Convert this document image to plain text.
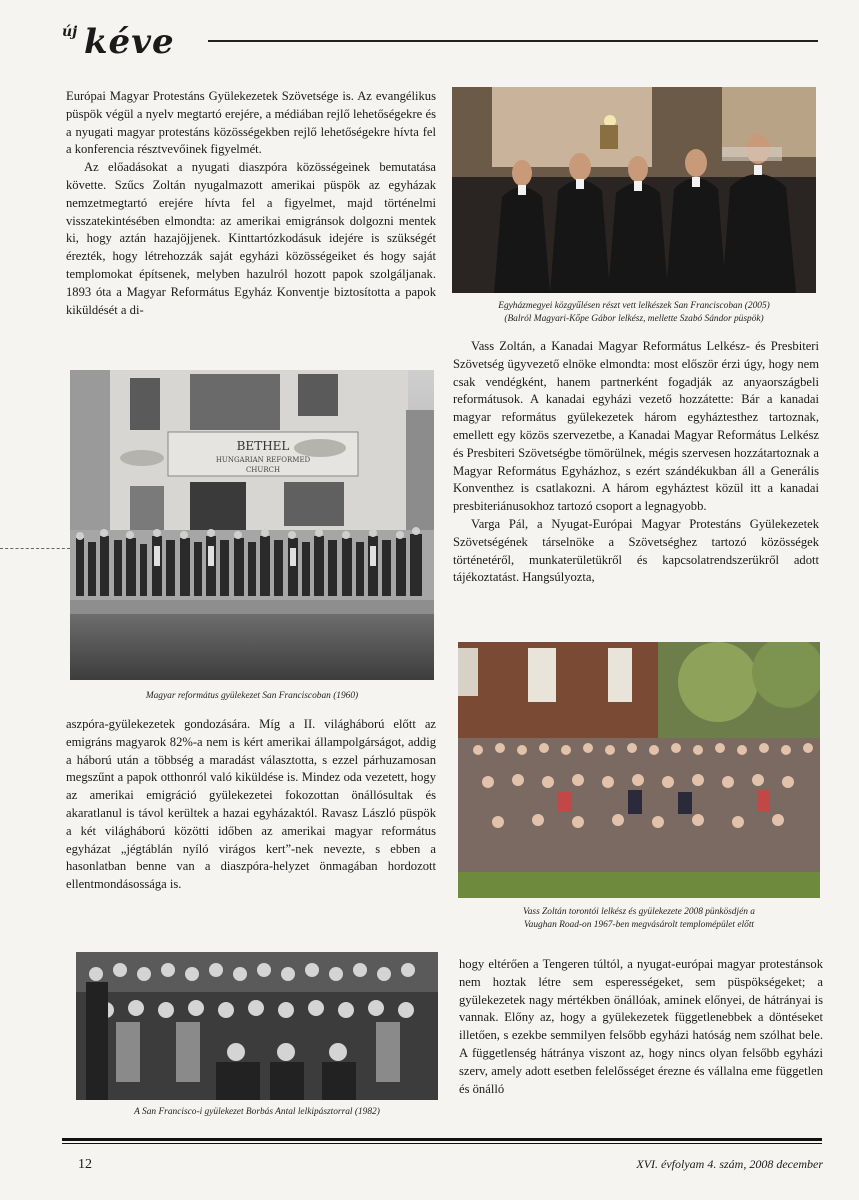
új kéve

Európai Magyar Protestáns Gyülekezetek Szövetsége is. Az evangélikus püspök végül a nyelv megtartó erejére, a médiában rejlő lehetőségekre és a nyugati magyar protestáns közösségekben rejlő lehetőségekre hívta fel a konferencia résztvevőinek figyelmét.

Az előadásokat a nyugati diaszpóra közösségeinek bemutatása követte. Szűcs Zoltán nyugalmazott amerikai püspök az egyházak nemzetmegtartó erejére hívta fel a figyelmet, majd történelmi visszatekintésében elmondta: az amerikai emigránsok dolgozni mentek ki, hogy aztán hazajöjjenek. Kinttartózkodásuk idejére is szükségét érezték, hogy létrehozzák saját egyházi közösségeiket és hogy saját templomokat építsenek, melyben hazulról hozott papok szolgáljanak. 1893 óta a Magyar Református Egyház Konventje biztosította a papok kiküldését a di-

BETHEL
HUNGARIAN REFORMED
CHURCH
Magyar református gyülekezet San Franciscoban (1960)

aszpóra-gyülekezetek gondozására. Míg a II. világháború előtt az emigráns magyarok 82%-a nem is kért amerikai állampolgárságot, addig a háború után a többség a maradást választotta, s ezzel párhuzamosan megszűnt a papok otthonról való kiküldése is. Mindez oda vezetett, hogy az amerikai emigráció gyülekezetei fokozottan önállósultak és akaratlanul is távol kerültek a hazai egyházaktól. Ravasz László püspök a két világháború közötti időben az amerikai magyar református egyházat „jégtáblán nyíló virágos kert”-nek nevezte, s ebben a hasonlatban benne van a diaszpóra-helyzet önmagában hordozott ellentmondásossága is.

A San Francisco-i gyülekezet Borbás Antal lelkipásztorral (1982)
Egyházmegyei közgyűlésen részt vett lelkészek San Franciscoban (2005)
(Balról Magyari-Kőpe Gábor lelkész, mellette Szabó Sándor püspök)

Vass Zoltán, a Kanadai Magyar Református Lelkész- és Presbiteri Szövetség ügyvezető elnöke elmondta: most először érzi úgy, hogy nem csak vendégként, hanem partnerként fogadják az anyaországbeli reformátusok. A kanadai egyházi vezető hozzátette: Bár a kanadai magyar református gyülekezetek három egyháztesthez tartoznak, emellett egy közös szervezetbe, a Kanadai Magyar Református Lelkész és Presbiteri Szövetségbe tömörülnek, mégis szervesen hozzátartoznak a Magyar Református Egyházhoz, s ezért szándékukban áll a Generális Konventhez is csatlakozni. A három egyháztest közül itt a kanadai presbiteriánusokhoz tartozó csoport a legnagyobb.

Varga Pál, a Nyugat-Európai Magyar Protestáns Gyülekezetek Szövetségének társelnöke a Szövetséghez tartozó közösségek történetéről, munkaterületükről és kapcsolatrendszerükről adott tájékoztatást. Hangsúlyozta,

Vass Zoltán torontói lelkész és gyülekezete 2008 pünkösdjén a
Vaughan Road-on 1967-ben megvásárolt templomépület előtt

hogy eltérően a Tengeren túltól, a nyugat-európai magyar protestánsok nem hoztak létre sem esperességeket, sem püspökségeket; a gyülekezetek nagy mértékben önállóak, aminek előnyei, de hátrányai is vannak. Előny az, hogy a gyülekezetek függetlenebbek a döntéseket illetően, s ezekbe semmilyen felsőbb egyházi hatóság nem szólhat bele. A függetlenség hátránya viszont az, hogy nincs olyan felsőbb egyházi szerv, amely adott esetben felelősséget érezne és vállalna eme független és önálló

12	XVI. évfolyam 4. szám, 2008 december
